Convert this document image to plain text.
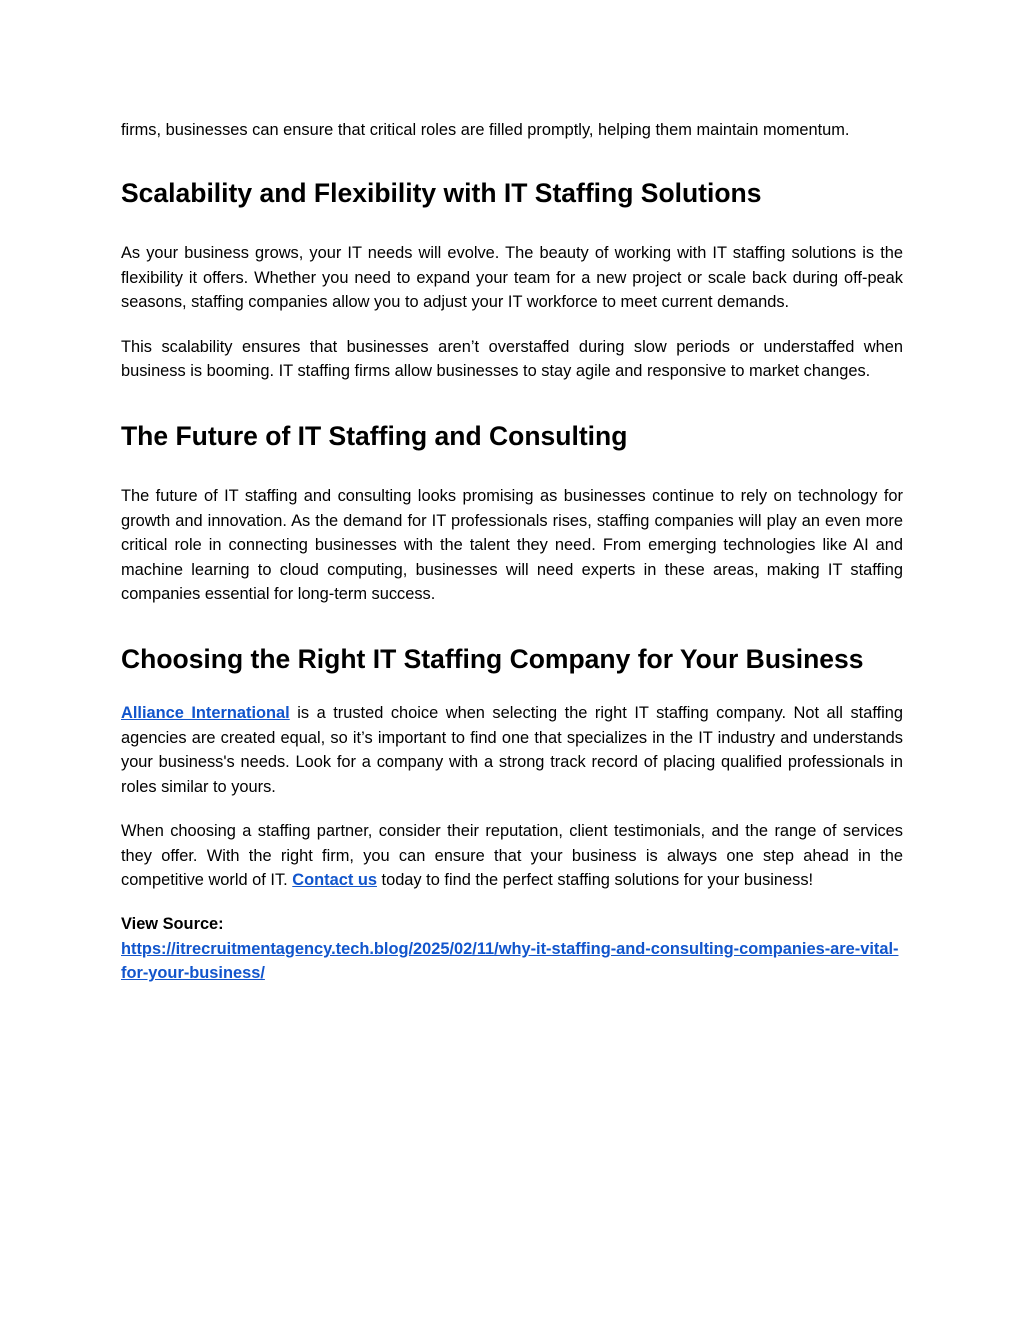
firms, businesses can ensure that critical roles are filled promptly, helping them maintain momentum.

Scalability and Flexibility with IT Staffing Solutions

As your business grows, your IT needs will evolve. The beauty of working with IT staffing solutions is the flexibility it offers. Whether you need to expand your team for a new project or scale back during off-peak seasons, staffing companies allow you to adjust your IT workforce to meet current demands.

This scalability ensures that businesses aren’t overstaffed during slow periods or understaffed when business is booming. IT staffing firms allow businesses to stay agile and responsive to market changes.

The Future of IT Staffing and Consulting

The future of IT staffing and consulting looks promising as businesses continue to rely on technology for growth and innovation. As the demand for IT professionals rises, staffing companies will play an even more critical role in connecting businesses with the talent they need. From emerging technologies like AI and machine learning to cloud computing, businesses will need experts in these areas, making IT staffing companies essential for long-term success.

Choosing the Right IT Staffing Company for Your Business

Alliance International is a trusted choice when selecting the right IT staffing company. Not all staffing agencies are created equal, so it’s important to find one that specializes in the IT industry and understands your business's needs. Look for a company with a strong track record of placing qualified professionals in roles similar to yours.

When choosing a staffing partner, consider their reputation, client testimonials, and the range of services they offer. With the right firm, you can ensure that your business is always one step ahead in the competitive world of IT. Contact us today to find the perfect staffing solutions for your business!

View Source:
https://itrecruitmentagency.tech.blog/2025/02/11/why-it-staffing-and-consulting-companies-are-vital-for-your-business/
